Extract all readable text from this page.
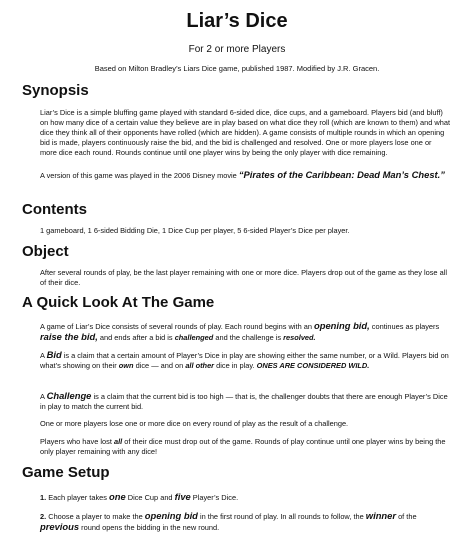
Liar’s Dice

For 2 or more Players

Based on Milton Bradley’s Liars Dice game, published 1987. Modified by J.R. Gracen.

Synopsis

Liar’s Dice is a simple bluffing game played with standard 6-sided dice, dice cups, and a gameboard. Players bid (and bluff) on how many dice of a certain value they believe are in play based on what dice they roll (which are known to them) and what dice they think all of their opponents have rolled (which are hidden). A game consists of multiple rounds in which an opening bid is made, players continuously raise the bid, and the bid is challenged and resolved. One or more players lose one or more dice each round. Rounds continue until one player wins by being the only player with dice remaining.

A version of this game was played in the 2006 Disney movie “Pirates of the Caribbean: Dead Man’s Chest.”

Contents

1 gameboard, 1 6-sided Bidding Die, 1 Dice Cup per player, 5 6-sided Player’s Dice per player.

Object

After several rounds of play, be the last player remaining with one or more dice. Players drop out of the game as they lose all of their dice.

A Quick Look At The Game

A game of Liar’s Dice consists of several rounds of play. Each round begins with an opening bid, continues as players raise the bid, and ends after a bid is challenged and the challenge is resolved.

A Bid is a claim that a certain amount of Player’s Dice in play are showing either the same number, or a Wild. Players bid on what’s showing on their own dice — and on all other dice in play. ONES ARE CONSIDERED WILD.

A Challenge is a claim that the current bid is too high — that is, the challenger doubts that there are enough Player’s Dice in play to match the current bid.

One or more players lose one or more dice on every round of play as the result of a challenge.

Players who have lost all of their dice must drop out of the game. Rounds of play continue until one player wins by being the only player remaining with any dice!

Game Setup

1. Each player takes one Dice Cup and five Player’s Dice.

2. Choose a player to make the opening bid in the first round of play. In all rounds to follow, the winner of the previous round opens the bidding in the new round.
